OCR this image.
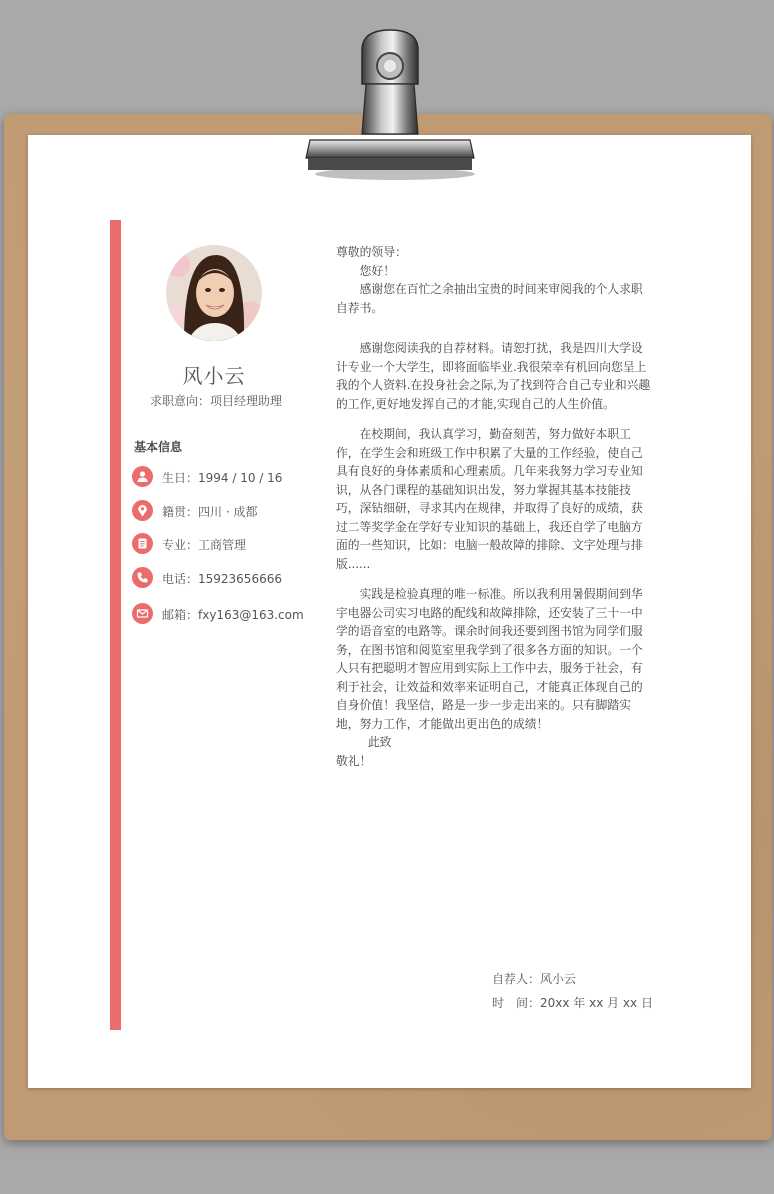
风小云
求职意向：项目经理助理
基本信息
生日：1994 / 10 / 16
籍贯：四川 · 成都
专业：工商管理
电话：15923656666
邮箱：fxy163@163.com

尊敬的领导：

您好！

感谢您在百忙之余抽出宝贵的时间来审阅我的个人求职自荐书。

感谢您阅读我的自荐材料。请恕打扰，我是四川大学设计专业一个大学生，即将面临毕业.我很荣幸有机回向您呈上我的个人资料.在投身社会之际,为了找到符合自己专业和兴趣的工作,更好地发挥自己的才能,实现自己的人生价值。

在校期间，我认真学习，勤奋刻苦，努力做好本职工作，在学生会和班级工作中积累了大量的工作经验，使自己具有良好的身体素质和心理素质。几年来我努力学习专业知识，从各门课程的基础知识出发，努力掌握其基本技能技巧，深钻细研，寻求其内在规律，并取得了良好的成绩，获过二等奖学金在学好专业知识的基础上，我还自学了电脑方面的一些知识，比如：电脑一般故障的排除、文字处理与排版......

实践是检验真理的唯一标准。所以我利用暑假期间到华宇电器公司实习电路的配线和故障排除，还安装了三十一中学的语音室的电路等。课余时间我还要到图书馆为同学们服务，在图书馆和阅览室里我学到了很多各方面的知识。一个人只有把聪明才智应用到实际上工作中去，服务于社会，有利于社会，让效益和效率来证明自己，才能真正体现自己的自身价值！我坚信，路是一步一步走出来的。只有脚踏实地，努力工作，才能做出更出色的成绩！

此致

敬礼！

自荐人：风小云
时　间：20xx 年 xx 月 xx 日
